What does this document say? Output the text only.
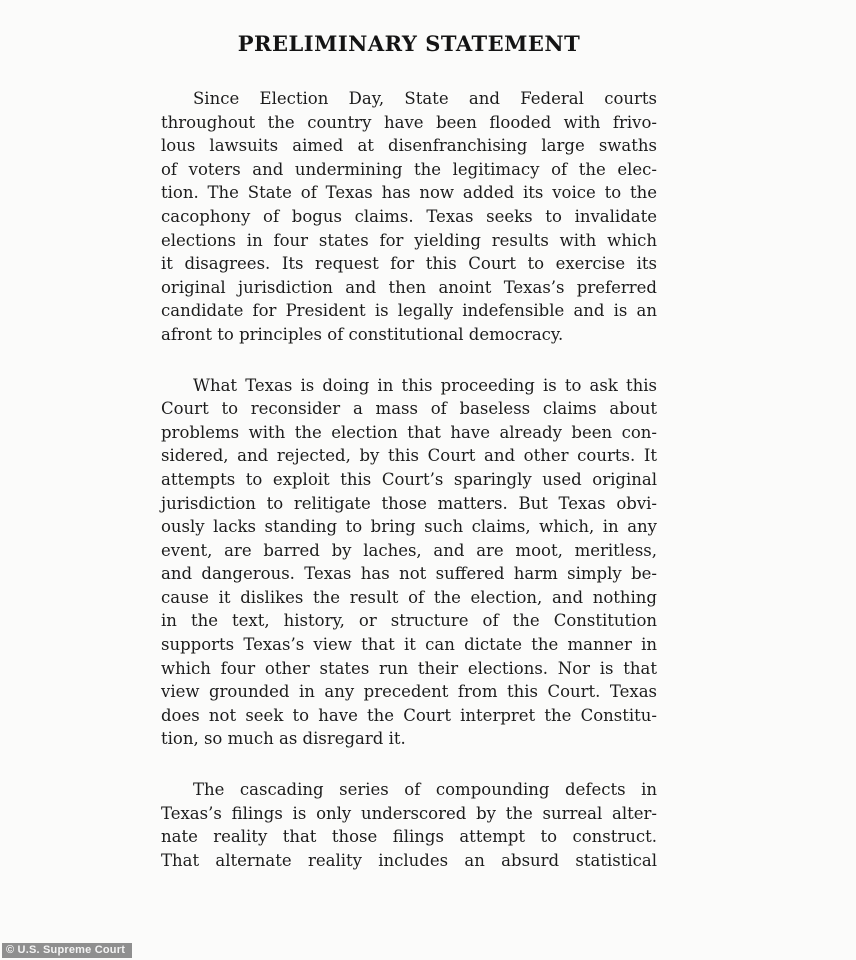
PRELIMINARY STATEMENT
Since Election Day, State and Federal courts
throughout the country have been flooded with frivo-
lous lawsuits aimed at disenfranchising large swaths
of voters and undermining the legitimacy of the elec-
tion. The State of Texas has now added its voice to the
cacophony of bogus claims. Texas seeks to invalidate
elections in four states for yielding results with which
it disagrees. Its request for this Court to exercise its
original jurisdiction and then anoint Texas’s preferred
candidate for President is legally indefensible and is an
afront to principles of constitutional democracy.
What Texas is doing in this proceeding is to ask this
Court to reconsider a mass of baseless claims about
problems with the election that have already been con-
sidered, and rejected, by this Court and other courts. It
attempts to exploit this Court’s sparingly used original
jurisdiction to relitigate those matters. But Texas obvi-
ously lacks standing to bring such claims, which, in any
event, are barred by laches, and are moot, meritless,
and dangerous. Texas has not suffered harm simply be-
cause it dislikes the result of the election, and nothing
in the text, history, or structure of the Constitution
supports Texas’s view that it can dictate the manner in
which four other states run their elections. Nor is that
view grounded in any precedent from this Court. Texas
does not seek to have the Court interpret the Constitu-
tion, so much as disregard it.
The cascading series of compounding defects in
Texas’s filings is only underscored by the surreal alter-
nate reality that those filings attempt to construct.
That alternate reality includes an absurd statistical
© U.S. Supreme Court
